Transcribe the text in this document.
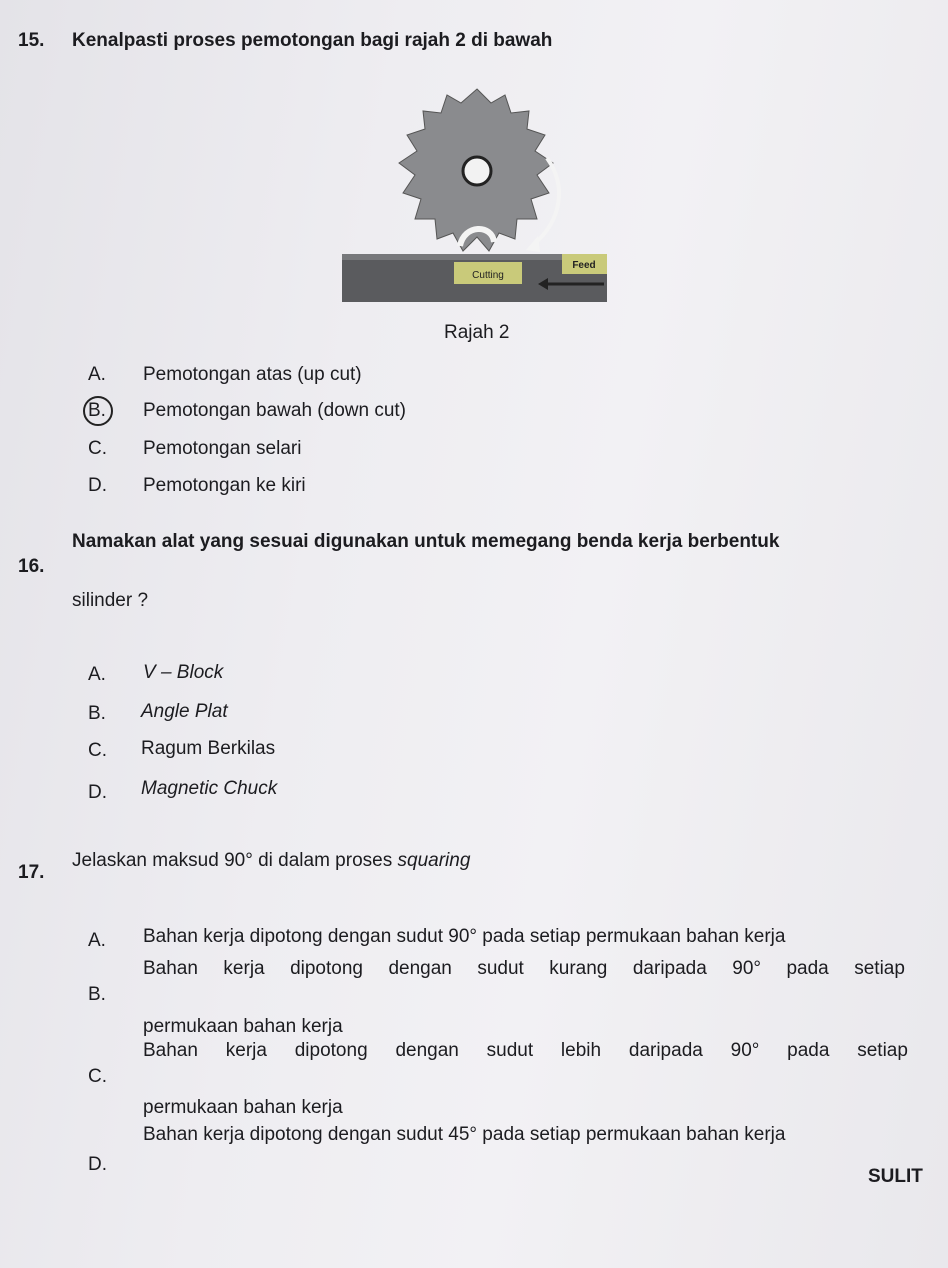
15. Kenalpasti proses pemotongan bagi rajah 2 di bawah
Cutting
Feed
Rajah 2
A. Pemotongan atas (up cut)
B. Pemotongan bawah (down cut)
C. Pemotongan selari
D. Pemotongan ke kiri
16.
Namakan alat yang sesuai digunakan untuk memegang benda kerja berbentuk
silinder ?
A. V – Block
B. Angle Plat
C. Ragum Berkilas
D. Magnetic Chuck
17.
Jelaskan maksud 90° di dalam proses squaring
A. Bahan kerja dipotong dengan sudut 90° pada setiap permukaan bahan kerja
B.
Bahan kerja dipotong dengan sudut kurang daripada 90° pada setiap
permukaan bahan kerja
C.
Bahan kerja dipotong dengan sudut lebih daripada 90° pada setiap
permukaan bahan kerja
D.
Bahan kerja dipotong dengan sudut 45° pada setiap permukaan bahan kerja
SULIT
